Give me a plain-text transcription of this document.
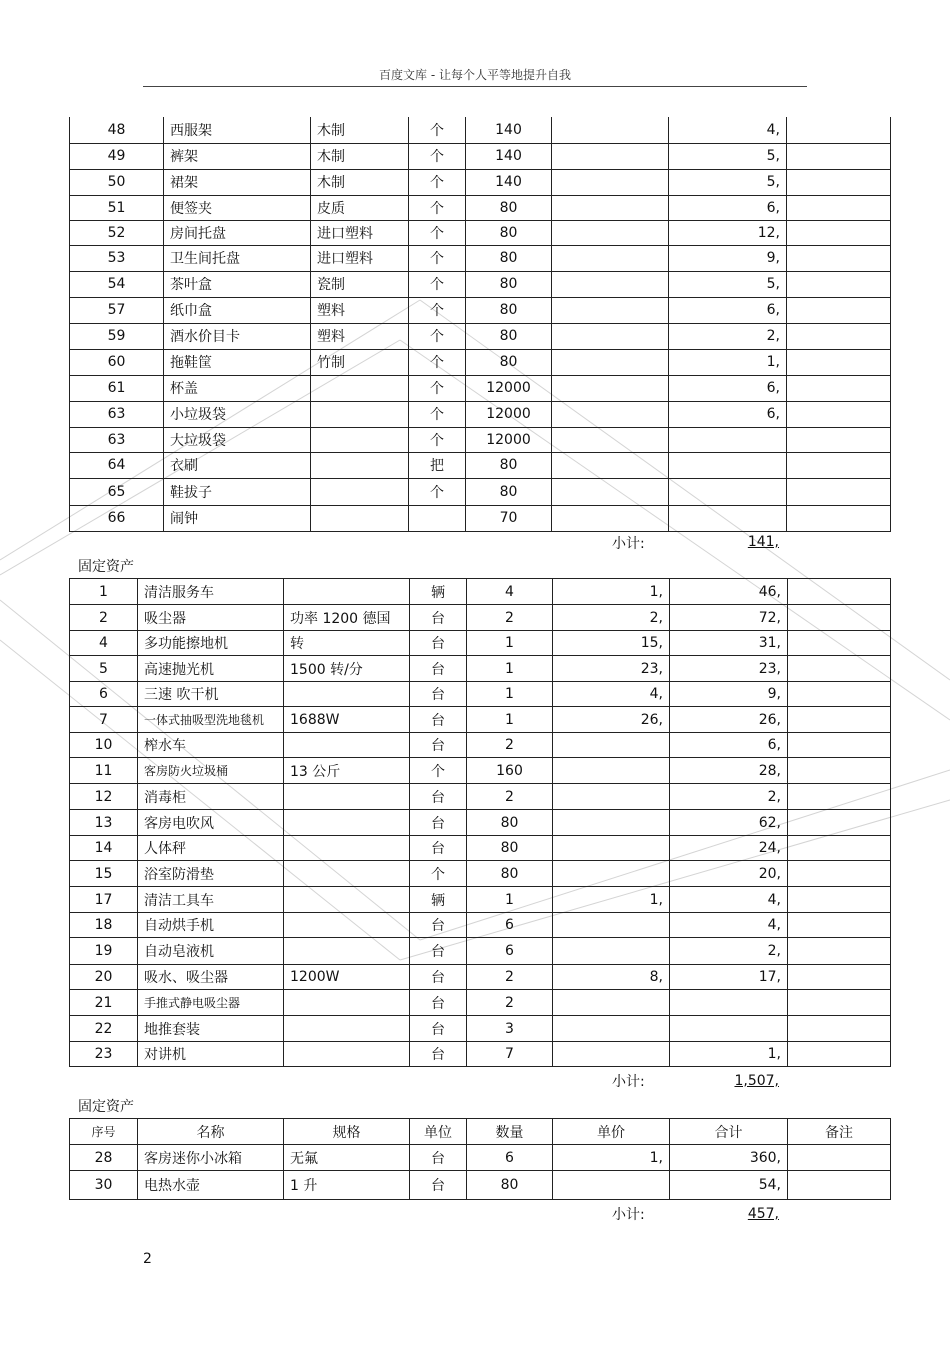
百度文库 - 让每个人平等地提升自我
48	西服架	木制	个	140		4,	
49	裤架	木制	个	140		5,	
50	裙架	木制	个	140		5,	
51	便签夹	皮质	个	80		6,	
52	房间托盘	进口塑料	个	80		12,	
53	卫生间托盘	进口塑料	个	80		9,	
54	茶叶盒	瓷制	个	80		5,	
57	纸巾盒	塑料	个	80		6,	
59	酒水价目卡	塑料	个	80		2,	
60	拖鞋筐	竹制	个	80		1,	
61	杯盖		个	12000		6,	
63	小垃圾袋		个	12000		6,	
63	大垃圾袋		个	12000			
64	衣刷		把	80			
65	鞋拔子		个	80			
66	闹钟			70			
小计:	141,
固定资产
1	清洁服务车		辆	4	1,	46,	
2	吸尘器	功率 1200 德国	台	2	2,	72,	
4	多功能擦地机	转	台	1	15,	31,	
5	高速抛光机	1500 转/分	台	1	23,	23,	
6	三速 吹干机		台	1	4,	9,	
7	一体式抽吸型洗地毯机	1688W	台	1	26,	26,	
10	榨水车		台	2		6,	
11	客房防火垃圾桶	13 公斤	个	160		28,	
12	消毒柜		台	2		2,	
13	客房电吹风		台	80		62,	
14	人体秤		台	80		24,	
15	浴室防滑垫		个	80		20,	
17	清洁工具车		辆	1	1,	4,	
18	自动烘手机		台	6		4,	
19	自动皂液机		台	6		2,	
20	吸水、吸尘器	1200W	台	2	8,	17,	
21	手推式静电吸尘器		台	2			
22	地推套装		台	3			
23	对讲机		台	7		1,	
小计:	1,507,
固定资产
序号	名称	规格	单位	数量	单价	合计	备注
28	客房迷你小冰箱	无氟	台	6	1,	360,	
30	电热水壶	1 升	台	80		54,	
小计:	457,
2
